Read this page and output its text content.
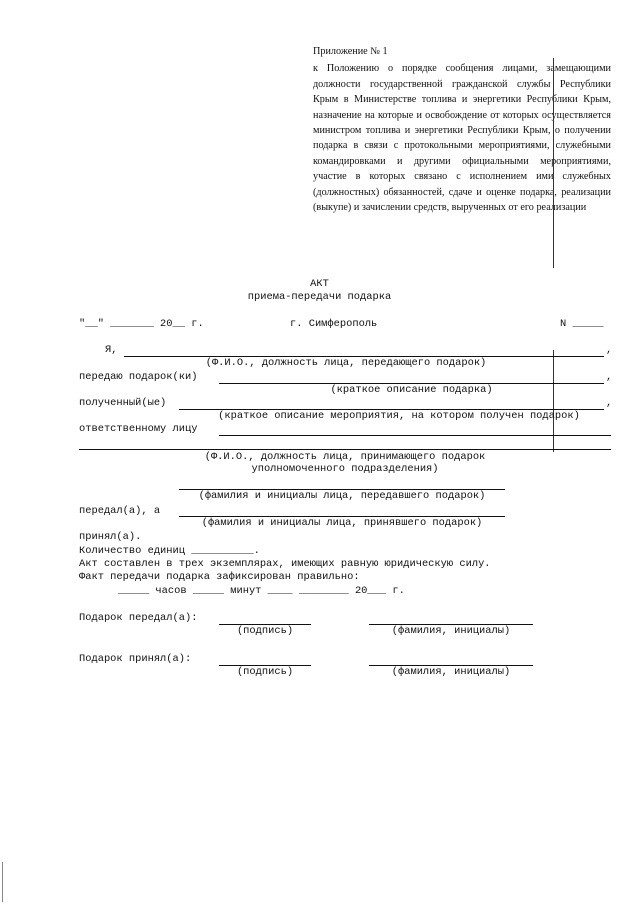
Приложение № 1

к Положению о порядке сообщения лицами, замещающими должности государственной гражданской службы Республики Крым в Министерстве топлива и энергетики Республики Крым, назначение на которые и освобождение от которых осуществляется министром топлива и энергетики Республики Крым, о получении подарка в связи с протокольными мероприятиями, служебными командировками и другими официальными мероприятиями, участие в которых связано с исполнением ими служебных (должностных) обязанностей, сдаче и оценке подарка, реализации (выкупе) и зачислении средств, вырученных от его реализации

АКТ
приема-передачи подарка
"__" _______ 20__ г.	г. Симферополь	N _____
Я,	,
(Ф.И.О., должность лица, передающего подарок)
передаю подарок(ки)	,
(краткое описание подарка)
полученный(ые)	,
(краткое описание мероприятия, на котором получен подарок)
ответственному лицу
(Ф.И.О., должность лица, принимающего подарок
уполномоченного подразделения)
(фамилия и инициалы лица, передавшего подарок)
передал(а), а
(фамилия и инициалы лица, принявшего подарок)
принял(а).
Количество единиц __________.
Акт составлен в трех экземплярах, имеющих равную юридическую силу.
Факт передачи подарка зафиксирован правильно:
_____ часов _____ минут ____ ________ 20___ г.
Подарок передал(а):
(подпись)	(фамилия, инициалы)
Подарок принял(а):
(подпись)	(фамилия, инициалы)
